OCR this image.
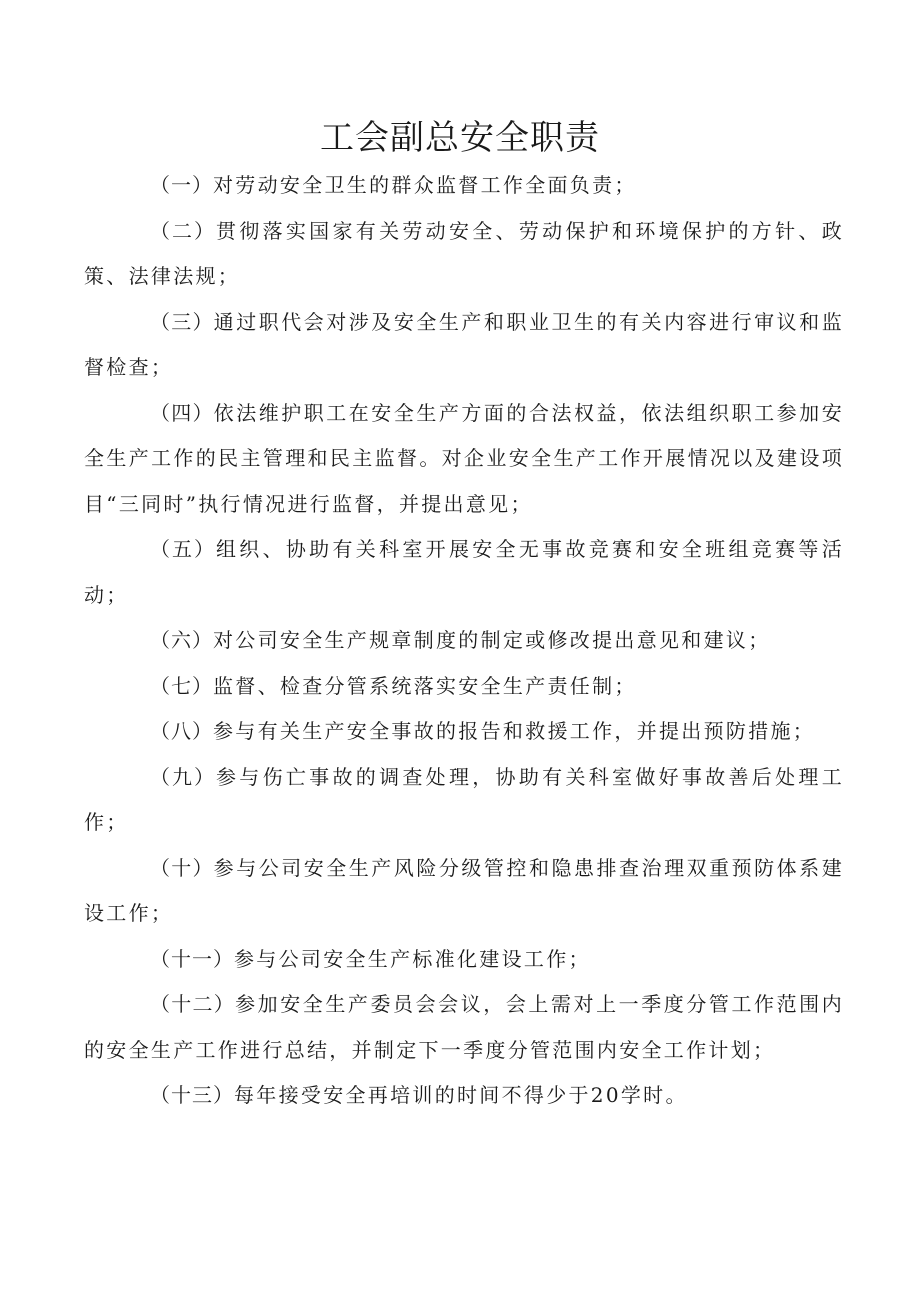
工会副总安全职责

（一）对劳动安全卫生的群众监督工作全面负责；

（二）贯彻落实国家有关劳动安全、劳动保护和环境保护的方针、政策、法律法规；

（三）通过职代会对涉及安全生产和职业卫生的有关内容进行审议和监督检查；

（四）依法维护职工在安全生产方面的合法权益，依法组织职工参加安全生产工作的民主管理和民主监督。对企业安全生产工作开展情况以及建设项目“三同时”执行情况进行监督，并提出意见；

（五）组织、协助有关科室开展安全无事故竞赛和安全班组竞赛等活动；

（六）对公司安全生产规章制度的制定或修改提出意见和建议；

（七）监督、检查分管系统落实安全生产责任制；

（八）参与有关生产安全事故的报告和救援工作，并提出预防措施；

（九）参与伤亡事故的调查处理，协助有关科室做好事故善后处理工作；

（十）参与公司安全生产风险分级管控和隐患排查治理双重预防体系建设工作；

（十一）参与公司安全生产标准化建设工作；

（十二）参加安全生产委员会会议，会上需对上一季度分管工作范围内的安全生产工作进行总结，并制定下一季度分管范围内安全工作计划；

（十三）每年接受安全再培训的时间不得少于20学时。
